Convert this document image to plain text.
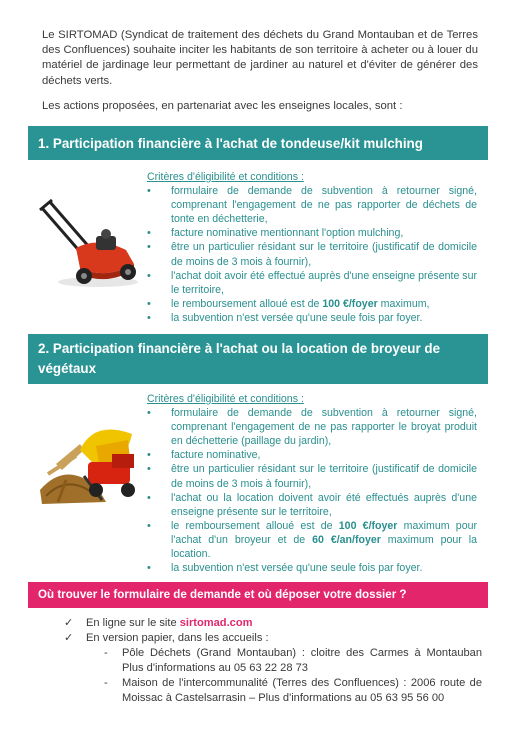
Le SIRTOMAD (Syndicat de traitement des déchets du Grand Montauban et de Terres des Confluences) souhaite inciter les habitants de son territoire à acheter ou à louer du matériel de jardinage leur permettant de jardiner au naturel et d'éviter de générer des déchets verts.

Les actions proposées, en partenariat avec les enseignes locales, sont :

1. Participation financière à l'achat de tondeuse/kit mulching
Critères d'éligibilité et conditions :
• formulaire de demande de subvention à retourner signé, comprenant l'engagement de ne pas rapporter de déchets de tonte en déchetterie,
• facture nominative mentionnant l'option mulching,
• être un particulier résidant sur le territoire (justificatif de domicile de moins de 3 mois à fournir),
• l'achat doit avoir été effectué auprès d'une enseigne présente sur le territoire,
• le remboursement alloué est de 100 €/foyer maximum,
• la subvention n'est versée qu'une seule fois par foyer.
2. Participation financière à l'achat ou la location de broyeur de végétaux
Critères d'éligibilité et conditions :
• formulaire de demande de subvention à retourner signé, comprenant l'engagement de ne pas rapporter le broyat produit en déchetterie (paillage du jardin),
• facture nominative,
• être un particulier résidant sur le territoire (justificatif de domicile de moins de 3 mois à fournir),
• l'achat ou la location doivent avoir été effectués auprès d'une enseigne présente sur le territoire,
• le remboursement alloué est de 100 €/foyer maximum pour l'achat d'un broyeur et de 60 €/an/foyer maximum pour la location.
• la subvention n'est versée qu'une seule fois par foyer.
Où trouver le formulaire de demande et où déposer votre dossier ?
✓ En ligne sur le site sirtomad.com
✓ En version papier, dans les accueils :
- Pôle Déchets (Grand Montauban) : cloitre des Carmes à Montauban Plus d'informations au 05 63 22 28 73
- Maison de l'intercommunalité (Terres des Confluences) : 2006 route de Moissac à Castelsarrasin – Plus d'informations au 05 63 95 56 00
